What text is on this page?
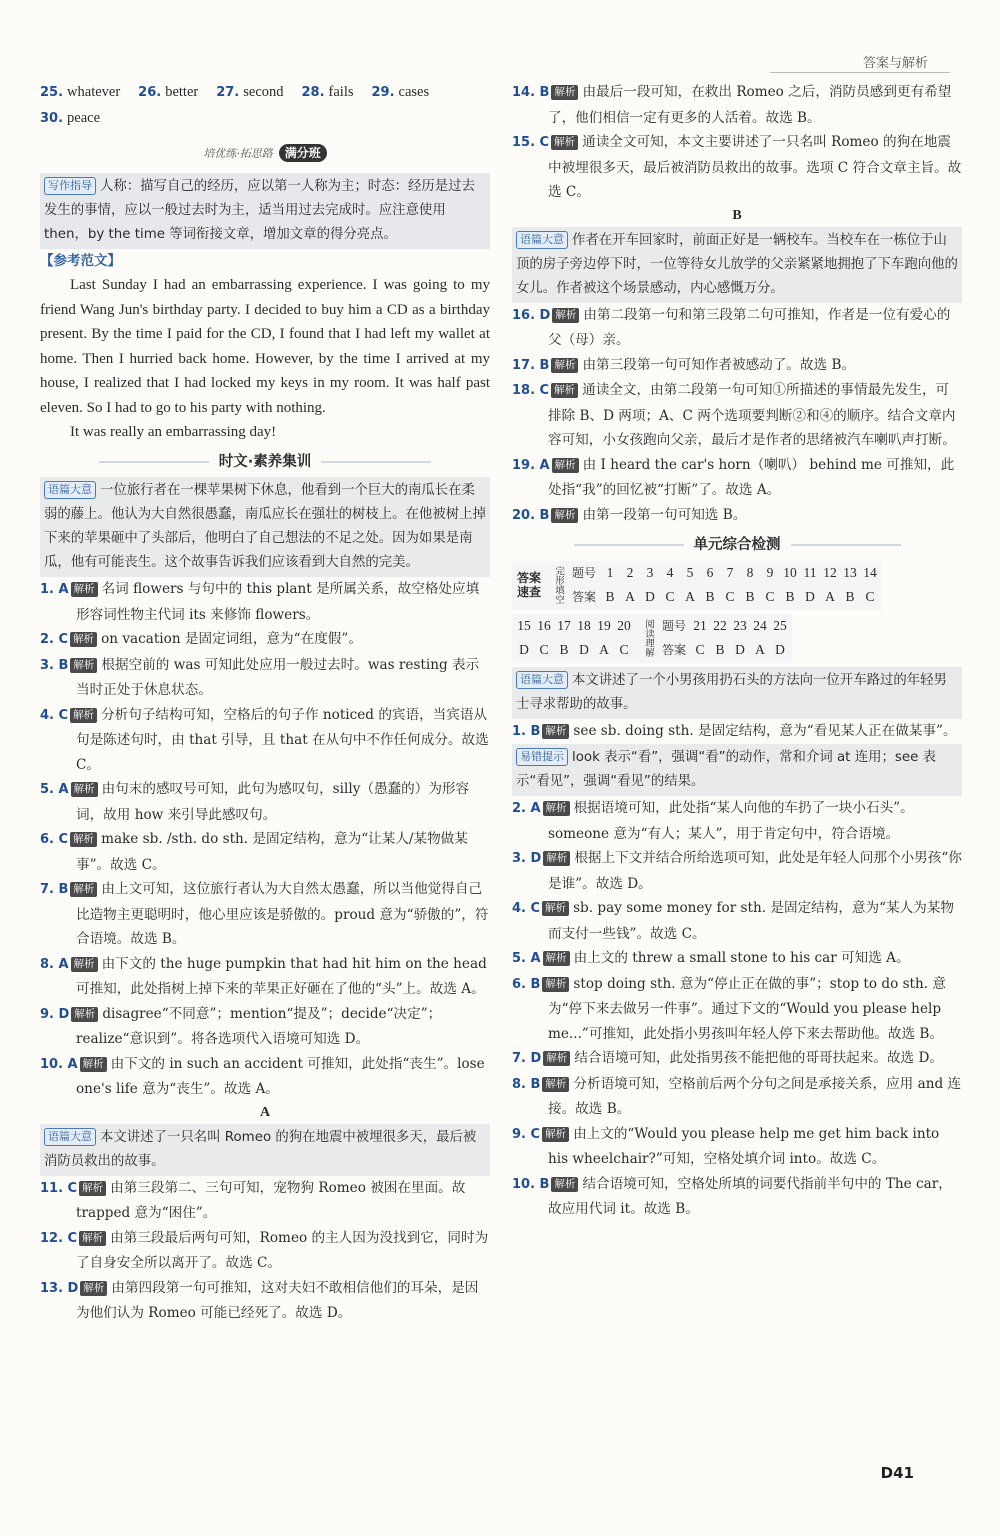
答案与解析
25. whatever 26. better 27. second 28. fails 29. cases
30. peace
培优练·拓思路 满分班
写作指导 人称：描写自己的经历，应以第一人称为主；时态：经历是过去发生的事情，应以一般过去时为主，适当用过去完成时。应注意使用 then，by the time 等词衔接文章，增加文章的得分亮点。
【参考范文】
Last Sunday I had an embarrassing experience. I was going to my friend Wang Jun's birthday party. I decided to buy him a CD as a birthday present. By the time I paid for the CD, I found that I had left my wallet at home. Then I hurried back home. However, by the time I arrived at my house, I realized that I had locked my keys in my room. It was half past eleven. So I had to go to his party with nothing.
It was really an embarrassing day!
时文·素养集训
语篇大意 一位旅行者在一棵苹果树下休息，他看到一个巨大的南瓜长在柔弱的藤上。他认为大自然很愚蠢，南瓜应长在强壮的树枝上。在他被树上掉下来的苹果砸中了头部后，他明白了自己想法的不足之处。因为如果是南瓜，他有可能丧生。这个故事告诉我们应该看到大自然的完美。
1. A 解析 名词 flowers 与句中的 this plant 是所属关系，故空格处应填形容词性物主代词 its 来修饰 flowers。
2. C 解析 on vacation 是固定词组，意为“在度假”。
3. B 解析 根据空前的 was 可知此处应用一般过去时。was resting 表示当时正处于休息状态。
4. C 解析 分析句子结构可知，空格后的句子作 noticed 的宾语，当宾语从句是陈述句时，由 that 引导，且 that 在从句中不作任何成分。故选 C。
5. A 解析 由句末的感叹号可知，此句为感叹句，silly（愚蠢的）为形容词，故用 how 来引导此感叹句。
6. C 解析 make sb. /sth. do sth. 是固定结构，意为“让某人/某物做某事”。故选 C。
7. B 解析 由上文可知，这位旅行者认为大自然太愚蠢，所以当他觉得自己比造物主更聪明时，他心里应该是骄傲的。proud 意为“骄傲的”，符合语境。故选 B。
8. A 解析 由下文的 the huge pumpkin that had hit him on the head 可推知，此处指树上掉下来的苹果正好砸在了他的“头”上。故选 A。
9. D 解析 disagree“不同意”；mention“提及”；decide“决定”；realize“意识到”。将各选项代入语境可知选 D。
10. A 解析 由下文的 in such an accident 可推知，此处指“丧生”。lose one's life 意为“丧生”。故选 A。
A
语篇大意 本文讲述了一只名叫 Romeo 的狗在地震中被埋很多天，最后被消防员救出的故事。
11. C 解析 由第三段第二、三句可知，宠物狗 Romeo 被困在里面。故 trapped 意为“困住”。
12. C 解析 由第三段最后两句可知，Romeo 的主人因为没找到它，同时为了自身安全所以离开了。故选 C。
13. D 解析 由第四段第一句可推知，这对夫妇不敢相信他们的耳朵，是因为他们认为 Romeo 可能已经死了。故选 D。
14. B 解析 由最后一段可知，在救出 Romeo 之后，消防员感到更有希望了，他们相信一定有更多的人活着。故选 B。
15. C 解析 通读全文可知，本文主要讲述了一只名叫 Romeo 的狗在地震中被埋很多天，最后被消防员救出的故事。选项 C 符合文章主旨。故选 C。
B
语篇大意 作者在开车回家时，前面正好是一辆校车。当校车在一栋位于山顶的房子旁边停下时，一位等待女儿放学的父亲紧紧地拥抱了下车跑向他的女儿。作者被这个场景感动，内心感慨万分。
16. D 解析 由第二段第一句和第三段第二句可推知，作者是一位有爱心的父（母）亲。
17. B 解析 由第三段第一句可知作者被感动了。故选 B。
18. C 解析 通读全文，由第二段第一句可知①所描述的事情最先发生，可排除 B、D 两项；A、C 两个选项要判断②和④的顺序。结合文章内容可知，小女孩跑向父亲，最后才是作者的思绪被汽车喇叭声打断。
19. A 解析 由 I heard the car's horn（喇叭） behind me 可推知，此处指“我”的回忆被“打断”了。故选 A。
20. B 解析 由第一段第一句可知选 B。
单元综合检测
答案速查	完形填空	题号	1 2 3 4 5 6 7 8 9 10 11 12 13 14
		答案	B A D C A B C B C B D A B C
15 16 17 18 19 20	阅读理解	题号	21 22 23 24 25
D C B D A C		答案	C B D A D
语篇大意 本文讲述了一个小男孩用扔石头的方法向一位开车路过的年轻男士寻求帮助的故事。
1. B 解析 see sb. doing sth. 是固定结构，意为“看见某人正在做某事”。
易错提示 look 表示“看”，强调“看”的动作，常和介词 at 连用；see 表示“看见”，强调“看见”的结果。
2. A 解析 根据语境可知，此处指“某人向他的车扔了一块小石头”。someone 意为“有人；某人”，用于肯定句中，符合语境。
3. D 解析 根据上下文并结合所给选项可知，此处是年轻人问那个小男孩“你是谁”。故选 D。
4. C 解析 sb. pay some money for sth. 是固定结构，意为“某人为某物而支付一些钱”。故选 C。
5. A 解析 由上文的 threw a small stone to his car 可知选 A。
6. B 解析 stop doing sth. 意为“停止正在做的事”；stop to do sth. 意为“停下来去做另一件事”。通过下文的“Would you please help me...”可推知，此处指小男孩叫年轻人停下来去帮助他。故选 B。
7. D 解析 结合语境可知，此处指男孩不能把他的哥哥扶起来。故选 D。
8. B 解析 分析语境可知，空格前后两个分句之间是承接关系，应用 and 连接。故选 B。
9. C 解析 由上文的“Would you please help me get him back into his wheelchair?”可知，空格处填介词 into。故选 C。
10. B 解析 结合语境可知，空格处所填的词要代指前半句中的 The car，故应用代词 it。故选 B。
D41
